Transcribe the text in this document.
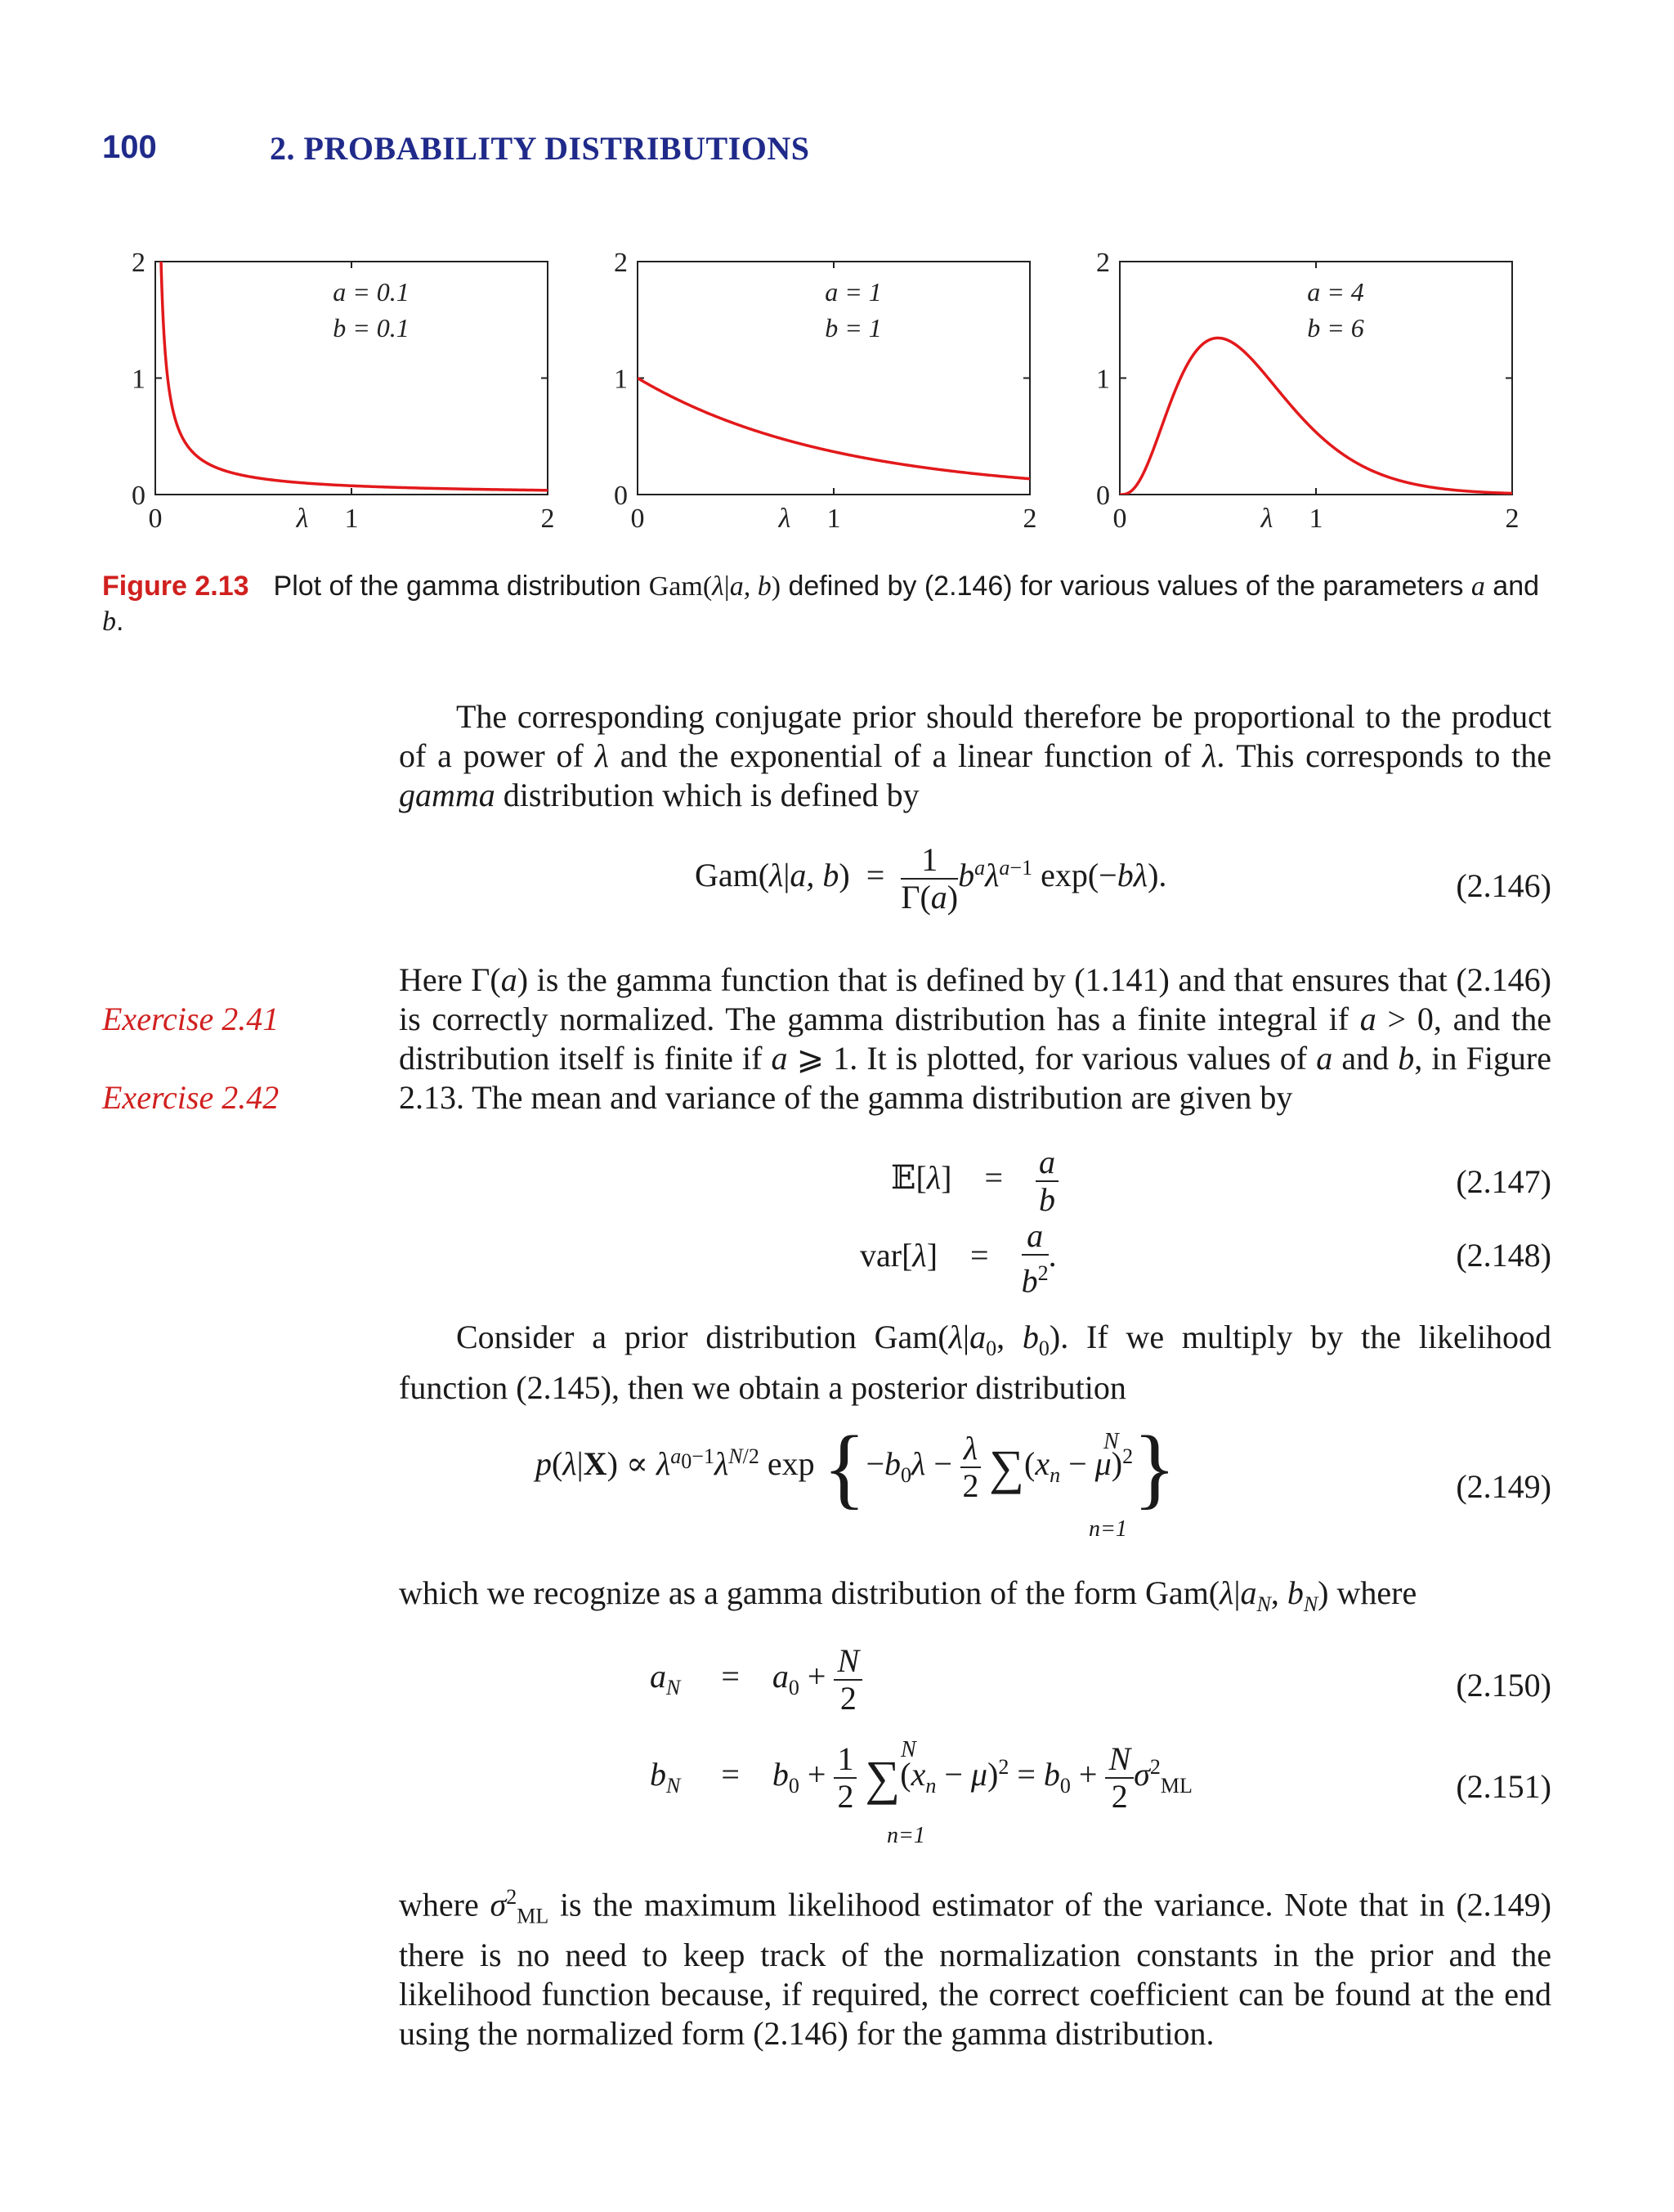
100	2. PROBABILITY DISTRIBUTIONS
0
1
2
0	1	2
λ
a = 0.1
b = 0.1
0
1
2
0	1	2
λ
a = 1
b = 1
0
1
2
0	1	2
λ
a = 4
b = 6
Figure 2.13 Plot of the gamma distribution Gam(λ|a, b) defined by (2.146) for various values of the parameters a and b.

The corresponding conjugate prior should therefore be proportional to the product of a power of λ and the exponential of a linear function of λ. This corresponds to the gamma distribution which is defined by

Gam(λ|a, $b) = \frac{1}{\Gamma(a)} b^a\lambda^{a-1}$ exp(−bλ).	(2.146)

Here Γ(a) is the gamma function that is defined by (1.141) and that ensures that (2.146) is correctly normalized. The gamma distribution has a finite integral if a > 0, and the distribution itself is finite if a ⩾ 1. It is plotted, for various values of a and b, in Figure 2.13. The mean and variance of the gamma distribution are given by

Exercise 2.41
Exercise 2.42
𝔼[λ]    = $\frac{a}{b}$	(2.147)
var[λ]    = $\frac{a}{b^2}$ .	(2.148)

Consider a prior distribution $Gam(\lambda|a_0$, $b_0$). If we multiply by the likelihood function (2.145), then we obtain a posterior distribution

$p(\lambda|X) \propto \lambda^{a_0-1}\lambda^{N/2}$ $\exp \{-b_0\lambda - \frac{\lambda}{2} \sum(x_n - \mu)^2\}$
N
n=1
(2.149)

which we recognize as a gamma distribution of the form $Gam(\lambda|a_N$, $b_N$) where

$a_N$     =    $a_0 + \frac{N}{2}$	(2.150)
$b_N$     =    $b_0 + \frac{1}{2} \sum(x_n - \mu)^2 = b_0 + \frac{N}{2} \sigma^2_{ML}$
N
n=1
(2.151)

where $\sigma^2_{ML}$ is the maximum likelihood estimator of the variance. Note that in (2.149) there is no need to keep track of the normalization constants in the prior and the likelihood function because, if required, the correct coefficient can be found at the end using the normalized form (2.146) for the gamma distribution.
